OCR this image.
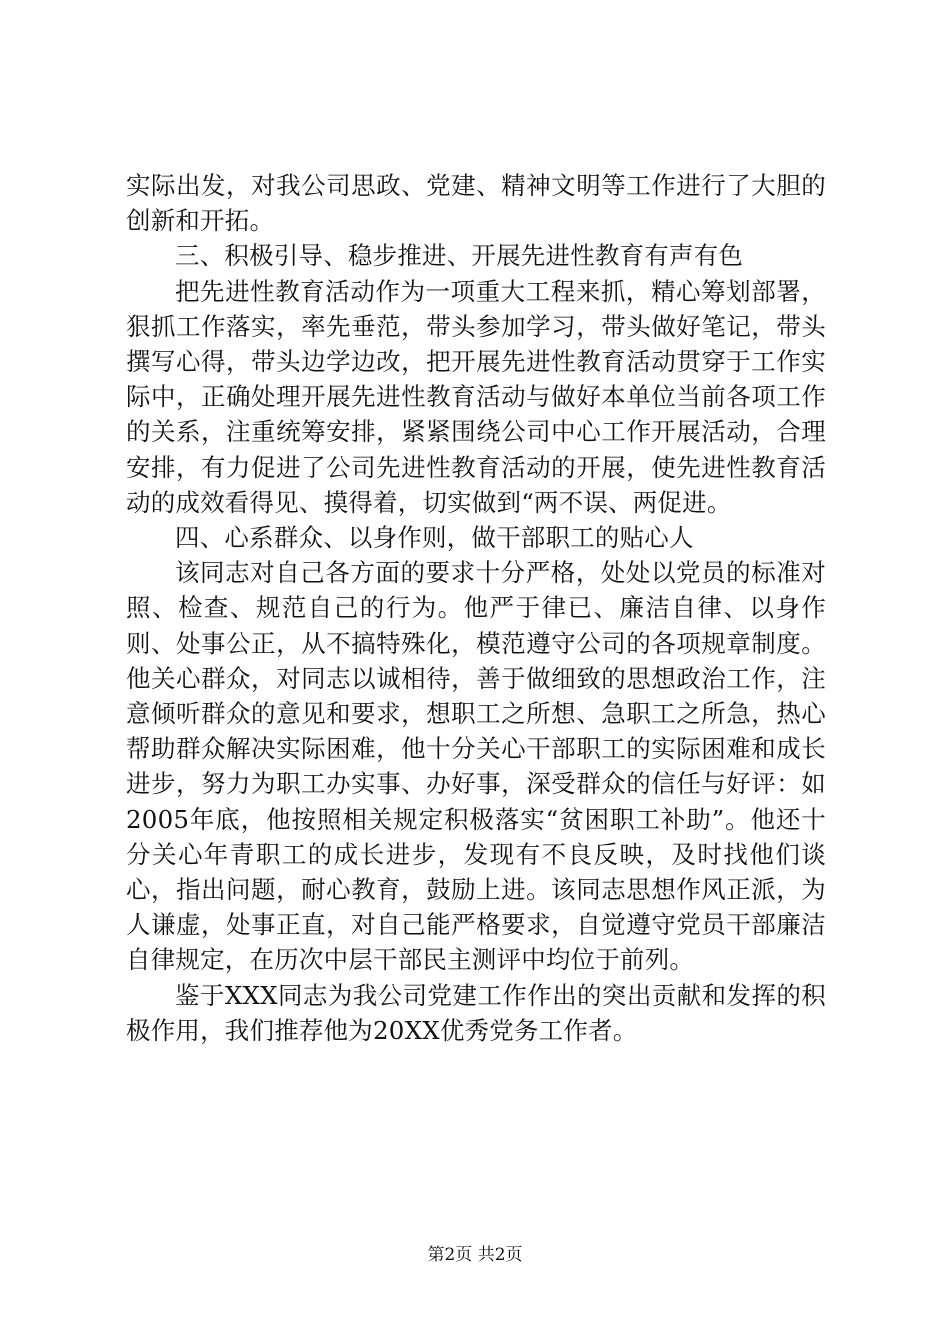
实际出发，对我公司思政、党建、精神文明等工作进行了大胆的创新和开拓。

三、积极引导、稳步推进、开展先进性教育有声有色

把先进性教育活动作为一项重大工程来抓，精心筹划部署，狠抓工作落实，率先垂范，带头参加学习，带头做好笔记，带头撰写心得，带头边学边改，把开展先进性教育活动贯穿于工作实际中，正确处理开展先进性教育活动与做好本单位当前各项工作的关系，注重统筹安排，紧紧围绕公司中心工作开展活动，合理安排，有力促进了公司先进性教育活动的开展，使先进性教育活动的成效看得见、摸得着，切实做到“两不误、两促进。

四、心系群众、以身作则，做干部职工的贴心人

该同志对自己各方面的要求十分严格，处处以党员的标准对照、检查、规范自己的行为。他严于律已、廉洁自律、以身作则、处事公正，从不搞特殊化，模范遵守公司的各项规章制度。他关心群众，对同志以诚相待，善于做细致的思想政治工作，注意倾听群众的意见和要求，想职工之所想、急职工之所急，热心帮助群众解决实际困难，他十分关心干部职工的实际困难和成长进步，努力为职工办实事、办好事，深受群众的信任与好评：如2005年底，他按照相关规定积极落实“贫困职工补助”。他还十分关心年青职工的成长进步，发现有不良反映，及时找他们谈心，指出问题，耐心教育，鼓励上进。该同志思想作风正派，为人谦虚，处事正直，对自己能严格要求，自觉遵守党员干部廉洁自律规定，在历次中层干部民主测评中均位于前列。

鉴于XXX同志为我公司党建工作作出的突出贡献和发挥的积极作用，我们推荐他为20XX优秀党务工作者。

第2页 共2页
